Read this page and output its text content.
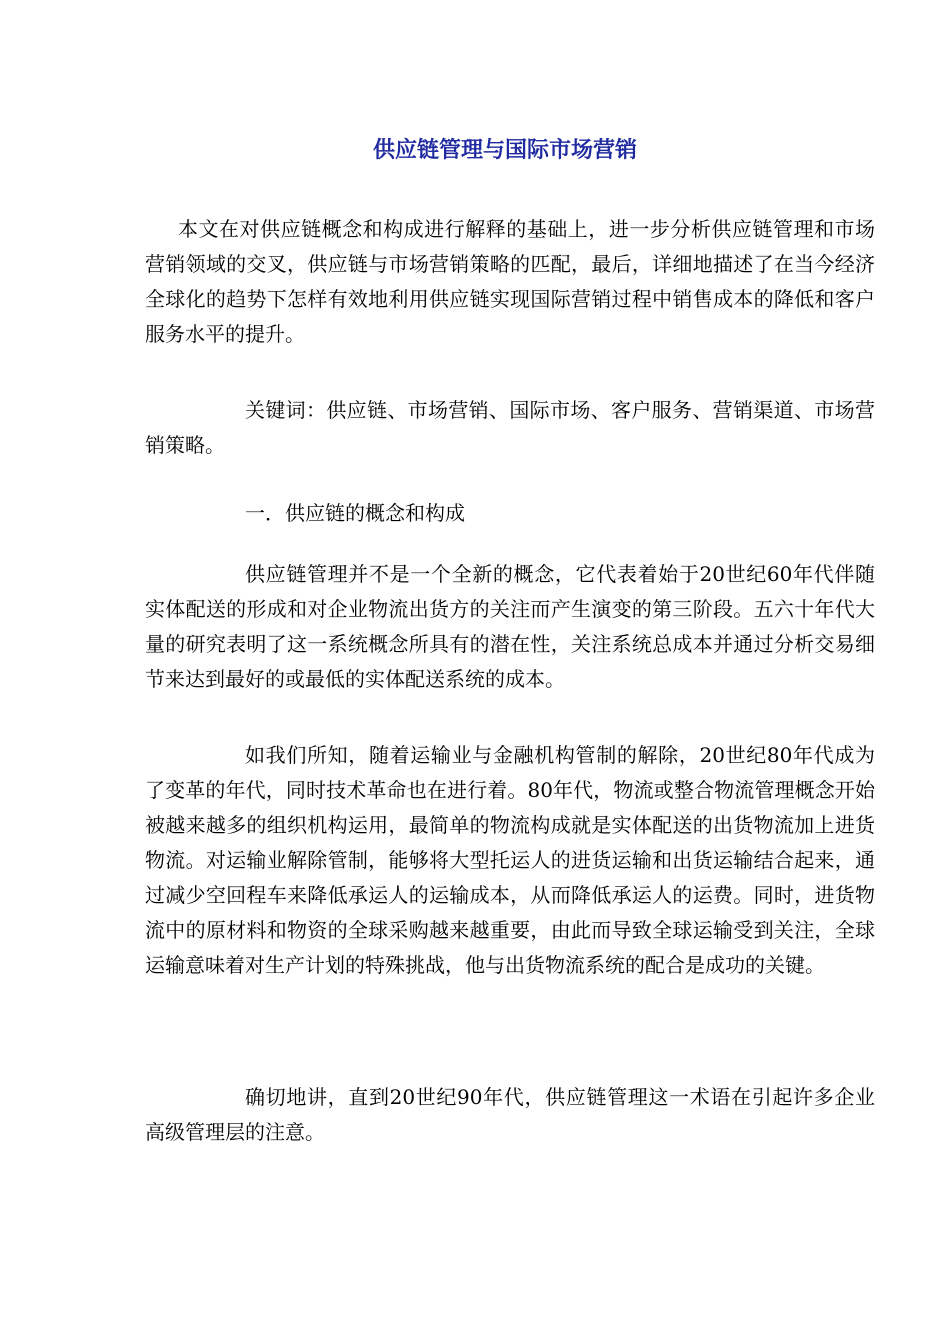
供应链管理与国际市场营销

本文在对供应链概念和构成进行解释的基础上，进一步分析供应链管理和市场营销领域的交叉，供应链与市场营销策略的匹配，最后，详细地描述了在当今经济全球化的趋势下怎样有效地利用供应链实现国际营销过程中销售成本的降低和客户服务水平的提升。

关键词：供应链、市场营销、国际市场、客户服务、营销渠道、市场营销策略。

一．供应链的概念和构成

供应链管理并不是一个全新的概念，它代表着始于20世纪60年代伴随实体配送的形成和对企业物流出货方的关注而产生演变的第三阶段。五六十年代大量的研究表明了这一系统概念所具有的潜在性，关注系统总成本并通过分析交易细节来达到最好的或最低的实体配送系统的成本。

如我们所知，随着运输业与金融机构管制的解除，20世纪80年代成为了变革的年代，同时技术革命也在进行着。80年代，物流或整合物流管理概念开始被越来越多的组织机构运用，最简单的物流构成就是实体配送的出货物流加上进货物流。对运输业解除管制，能够将大型托运人的进货运输和出货运输结合起来，通过减少空回程车来降低承运人的运输成本，从而降低承运人的运费。同时，进货物流中的原材料和物资的全球采购越来越重要，由此而导致全球运输受到关注，全球运输意味着对生产计划的特殊挑战，他与出货物流系统的配合是成功的关键。

确切地讲，直到20世纪90年代，供应链管理这一术语在引起许多企业高级管理层的注意。
